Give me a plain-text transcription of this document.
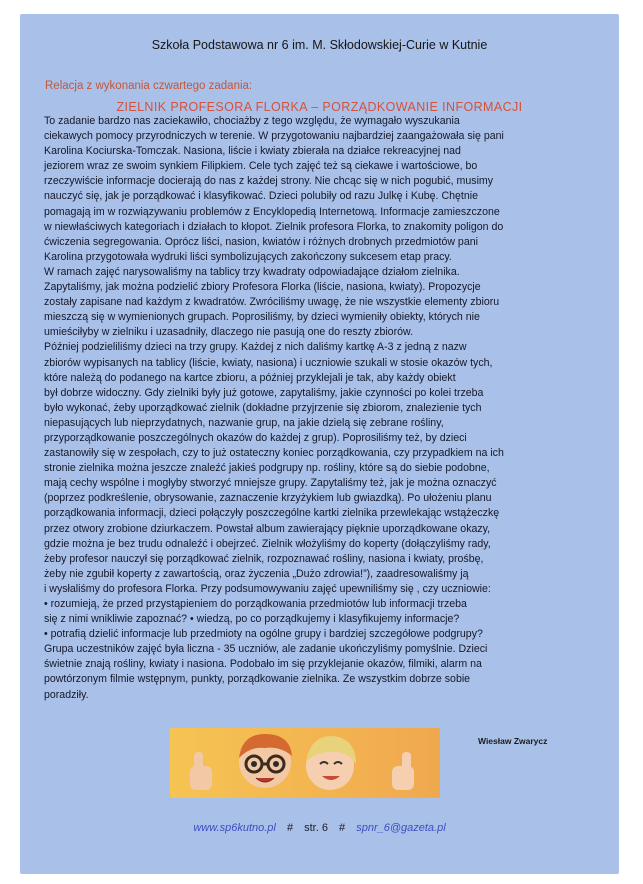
Szkoła Podstawowa nr 6 im. M. Skłodowskiej-Curie w Kutnie
Relacja z wykonania czwartego zadania:
ZIELNIK PROFESORA FLORKA – PORZĄDKOWANIE INFORMACJI
To zadanie bardzo nas zaciekawiło, chociażby z tego względu, że wymagało wyszukania
ciekawych pomocy przyrodniczych w terenie. W przygotowaniu najbardziej zaangażowała się pani
Karolina Kociurska-Tomczak. Nasiona, liście i kwiaty zbierała na działce rekreacyjnej nad
jeziorem wraz ze swoim synkiem Filipkiem. Cele tych zajęć też są ciekawe i wartościowe, bo
rzeczywiście informacje docierają do nas z każdej strony. Nie chcąc się w nich pogubić, musimy
nauczyć się, jak je porządkować i klasyfikować. Dzieci polubiły od razu Julkę i Kubę. Chętnie
pomagają im w rozwiązywaniu problemów z Encyklopedią Internetową. Informacje zamieszczone
w niewłaściwych kategoriach i działach to kłopot. Zielnik profesora Florka, to znakomity poligon do
ćwiczenia segregowania. Oprócz liści, nasion, kwiatów i różnych drobnych przedmiotów pani
Karolina przygotowała wydruki liści symbolizujących zakończony sukcesem etap pracy.
W ramach zajęć narysowaliśmy na tablicy trzy kwadraty odpowiadające działom zielnika.
Zapytaliśmy, jak można podzielić zbiory Profesora Florka (liście, nasiona, kwiaty). Propozycje
zostały zapisane nad każdym z kwadratów. Zwróciliśmy uwagę, że nie wszystkie elementy zbioru
mieszczą się w wymienionych grupach. Poprosiliśmy, by dzieci wymieniły obiekty, których nie
umieściłyby w zielniku i uzasadniły, dlaczego nie pasują one do reszty zbiorów.
Później podzieliliśmy dzieci na trzy grupy. Każdej z nich daliśmy kartkę A-3 z jedną z nazw
zbiorów wypisanych na tablicy (liście, kwiaty, nasiona) i uczniowie szukali w stosie okazów tych,
które należą do podanego na kartce zbioru, a później przyklejali je tak, aby każdy obiekt
był dobrze widoczny. Gdy zielniki były już gotowe, zapytaliśmy, jakie czynności po kolei trzeba
było wykonać, żeby uporządkować zielnik (dokładne przyjrzenie się zbiorom, znalezienie tych
niepasujących lub nieprzydatnych, nazwanie grup, na jakie dzielą się zebrane rośliny,
przyporządkowanie poszczególnych okazów do każdej z grup). Poprosiliśmy też, by dzieci
zastanowiły się w zespołach, czy to już ostateczny koniec porządkowania, czy przypadkiem na ich
stronie zielnika można jeszcze znaleźć jakieś podgrupy np. rośliny, które są do siebie podobne,
mają cechy wspólne i mogłyby stworzyć mniejsze grupy. Zapytaliśmy też, jak je można oznaczyć
(poprzez podkreślenie, obrysowanie, zaznaczenie krzyżykiem lub gwiazdką). Po ułożeniu planu
porządkowania informacji, dzieci połączyły poszczególne kartki zielnika przewlekając wstążeczkę
przez otwory zrobione dziurkaczem. Powstał album zawierający pięknie uporządkowane okazy,
gdzie można je bez trudu odnaleźć i obejrzeć. Zielnik włożyliśmy do koperty (dołączyliśmy rady,
żeby profesor nauczył się porządkować zielnik, rozpoznawać rośliny, nasiona i kwiaty, prośbę,
żeby nie zgubił koperty z zawartością, oraz życzenia „Dużo zdrowia!”), zaadresowaliśmy ją
i wysłaliśmy do profesora Florka. Przy podsumowywaniu zajęć upewniliśmy się , czy uczniowie:
• rozumieją, że przed przystąpieniem do porządkowania przedmiotów lub informacji trzeba
się z nimi wnikliwie zapoznać? • wiedzą, po co porządkujemy i klasyfikujemy informacje?
• potrafią dzielić informacje lub przedmioty na ogólne grupy i bardziej szczegółowe podgrupy?
Grupa uczestników zajęć była liczna - 35 uczniów, ale zadanie ukończyliśmy pomyślnie. Dzieci
świetnie znają rośliny, kwiaty i nasiona. Podobało im się przyklejanie okazów, filmiki, alarm na
powtórzonym filmie wstępnym, punkty, porządkowanie zielnika. Ze wszystkim dobrze sobie
poradziły.
Wiesław Zwarycz
www.sp6kutno.pl # str. 6 # spnr_6@gazeta.pl
